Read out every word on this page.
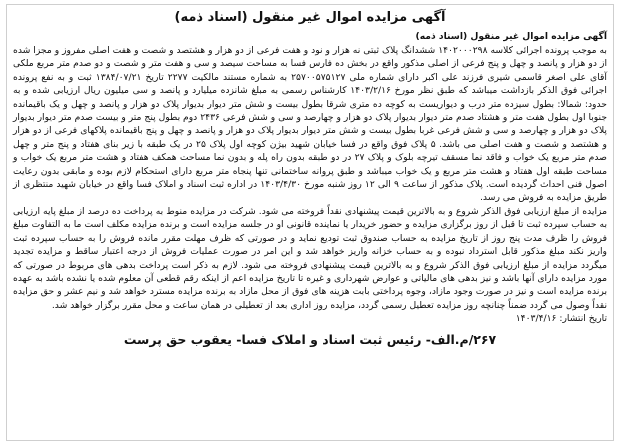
آگهی مزایده اموال غیر منقول (اسناد ذمه)
آگهی مزایده اموال غیر منقول (اسناد ذمه)

به موجب پرونده اجرائی کلاسه ۱۴۰۲۰۰۰۲۹۸ ششدانگ پلاک ثبتی نه هزار و نود و هفت فرعی از دو هزار و هشتصد و شصت و هفت اصلی مفروز و مجزا شده از دو هزار و پانصد و چهل و پنج فرعی از اصلی مذکور واقع در بخش ده فارس فسا به مساحت سیصد و سی و هفت متر و شصت و دو صدم متر مربع ملکی آقای علی اصغر قاسمی شیری فرزند علی اکبر دارای شماره ملی ۲۵۷۰۰۵۷۵۱۲۷ به شماره مستند مالکیت ۲۲۷۷ تاریخ ۱۳۸۴/۰۷/۲۱ ثبت و به نفع پرونده اجرائی فوق الذکر بازداشت میباشد که طبق نظر مورخ ۱۴۰۳/۲/۱۶ کارشناس رسمی به مبلغ شانزده میلیارد و پانصد و سی میلیون ریال ارزیابی شده و به حدود: شمالا: بطول سیزده متر درب و دیواریست به کوچه ده متری شرقا بطول بیست و شش متر دیوار بدیوار پلاک دو هزار و پانصد و چهل و یک باقیمانده جنوبا اول بطول هفت متر و هشتاد صدم متر دیوار بدیوار پلاک دو هزار و چهارصد و سی و شش فرعی ۲۴۳۶ دوم بطول پنج متر و بیست صدم متر دیوار بدیوار پلاک دو هزار و چهارصد و سی و شش فرعی غربا بطول بیست و شش متر دیوار بدیوار پلاک دو هزار و پانصد و چهل و پنج باقیمانده پلاکهای فرعی از دو هزار و هشتصد و شصت و هفت اصلی می باشد. ۵ پلاک فوق واقع در فسا خیابان شهید بیژن کوچه اول پلاک ۲۵ در یک طبقه با زیر بنای هفتاد و پنج متر و چهل صدم متر مربع یک خواب و فاقد نما مسقف تیرچه بلوک و پلاک ۲۷ در دو طبقه بدون راه پله و بدون نما مساحت همکف هفتاد و هشت متر مربع یک خواب و مساحت طبقه اول هفتاد و هشت متر مربع و یک خواب میباشد و طبق پروانه ساختمانی تنها پنجاه متر مربع دارای استحکام لازم بوده و مابقی بدون رعایت اصول فنی احداث گردیده است. پلاک مذکور از ساعت ۹ الی ۱۲ روز شنبه مورخ ۱۴۰۳/۴/۳۰ در اداره ثبت اسناد و املاک فسا واقع در خیابان شهید منتظری از طریق مزایده به فروش می رسد.

مزایده از مبلغ ارزیابی فوق الذکر شروع و به بالاترین قیمت پیشنهادی نقداً فروخته می شود. شرکت در مزایده منوط به پرداخت ده درصد از مبلغ پایه ارزیابی به حساب سپرده ثبت تا قبل از روز برگزاری مزایده و حضور خریدار یا نماینده قانونی او در جلسه مزایده است و برنده مزایده مکلف است ما به التفاوت مبلغ فروش را ظرف مدت پنج روز از تاریخ مزایده به حساب صندوق ثبت تودیع نماید و در صورتی که ظرف مهلت مقرر مانده فروش را به حساب سپرده ثبت واریز نکند مبلغ مذکور قابل استرداد نبوده و به حساب خزانه واریز خواهد شد و این امر در صورت عملیات فروش از درجه اعتبار ساقط و مزایده تجدید میگردد مزایده از مبلغ ارزیابی فوق الذکر شروع و به بالاترین قیمت پیشنهادی فروخته می شود. لازم به ذکر است پرداخت بدهی های مربوط در صورتی که مورد مزایده دارای آنها باشد و نیز بدهی های مالیاتی و عوارض شهرداری و غیره تا تاریخ مزایده اعم از اینکه رقم قطعی آن معلوم شده یا نشده باشد به عهده برنده مزایده است و نیز در صورت وجود مازاد، وجوه پرداختی بابت هزینه های فوق از محل مازاد به برنده مزایده مسترد خواهد شد و نیم عشر و حق مزایده نقداً وصول می گردد ضمناً چنانچه روز مزایده تعطیل رسمی گردد، مزایده روز اداری بعد از تعطیلی در همان ساعت و محل مقرر برگزار خواهد شد.

تاریخ انتشار: ۱۴۰۳/۴/۱۶

۲۶۷/م.الف- رئیس ثبت اسناد و املاک فسا- یعقوب حق پرست
